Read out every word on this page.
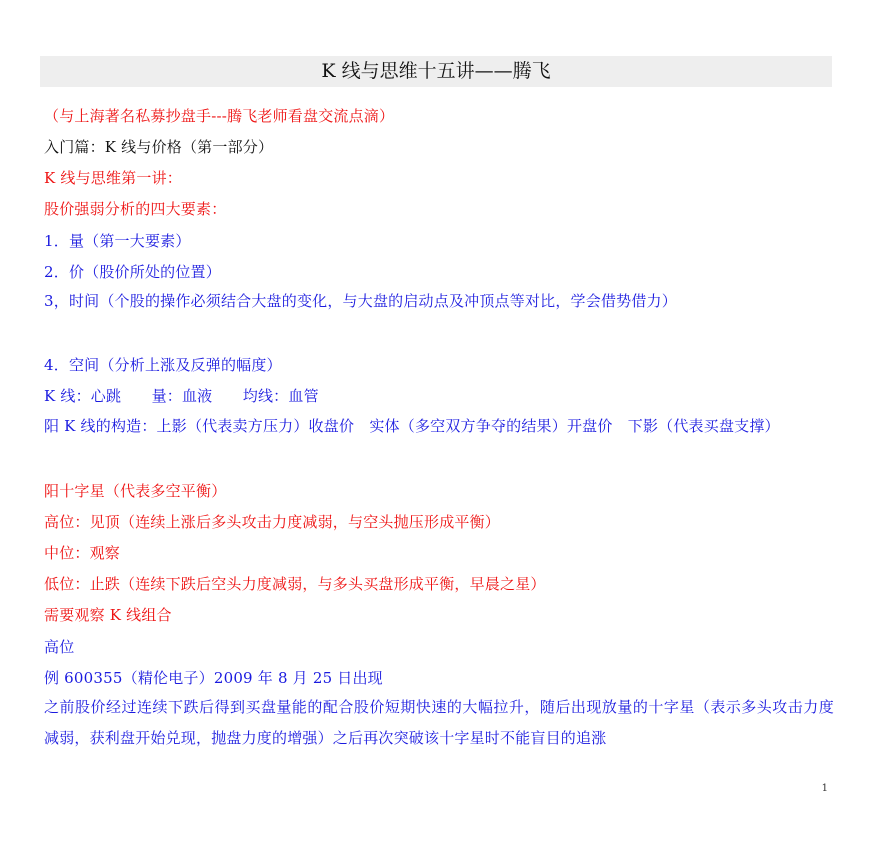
K 线与思维十五讲——腾飞
（与上海著名私募抄盘手---腾飞老师看盘交流点滴）
入门篇：K 线与价格（第一部分）
K 线与思维第一讲：
股价强弱分析的四大要素：
1．量（第一大要素）
2．价（股价所处的位置）
3，时间（个股的操作必须结合大盘的变化，与大盘的启动点及冲顶点等对比，学会借势借力）
4．空间（分析上涨及反弹的幅度）
K 线：心跳　　量：血液　　均线：血管
阳 K 线的构造：上影（代表卖方压力）收盘价　实体（多空双方争夺的结果）开盘价　下影（代表买盘支撑）
阳十字星（代表多空平衡）
高位：见顶（连续上涨后多头攻击力度减弱，与空头抛压形成平衡）
中位：观察
低位：止跌（连续下跌后空头力度减弱，与多头买盘形成平衡，早晨之星）
需要观察 K 线组合
高位
例 600355（精伦电子）2009 年 8 月 25 日出现
之前股价经过连续下跌后得到买盘量能的配合股价短期快速的大幅拉升，随后出现放量的十字星（表示多头攻击力度减弱，获利盘开始兑现，抛盘力度的增强）之后再次突破该十字星时不能盲目的追涨
1
